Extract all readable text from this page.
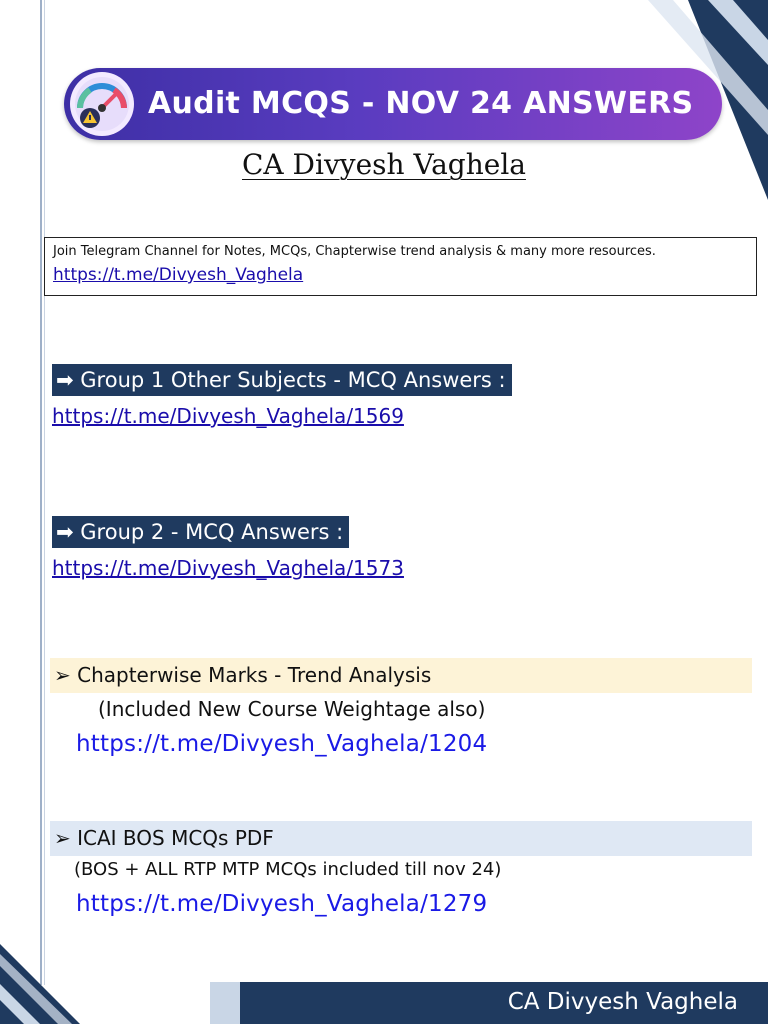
Audit MCQS - NOV 24 ANSWERS
CA Divyesh Vaghela
Join Telegram Channel for Notes, MCQs, Chapterwise trend analysis & many more resources.
https://t.me/Divyesh_Vaghela
➡ Group 1 Other Subjects - MCQ Answers :
https://t.me/Divyesh_Vaghela/1569
➡ Group 2 - MCQ Answers :
https://t.me/Divyesh_Vaghela/1573
➢ Chapterwise Marks - Trend Analysis
(Included New Course Weightage also)
https://t.me/Divyesh_Vaghela/1204
➢ ICAI BOS MCQs PDF
(BOS + ALL RTP MTP MCQs included till nov 24)
https://t.me/Divyesh_Vaghela/1279
CA Divyesh Vaghela
